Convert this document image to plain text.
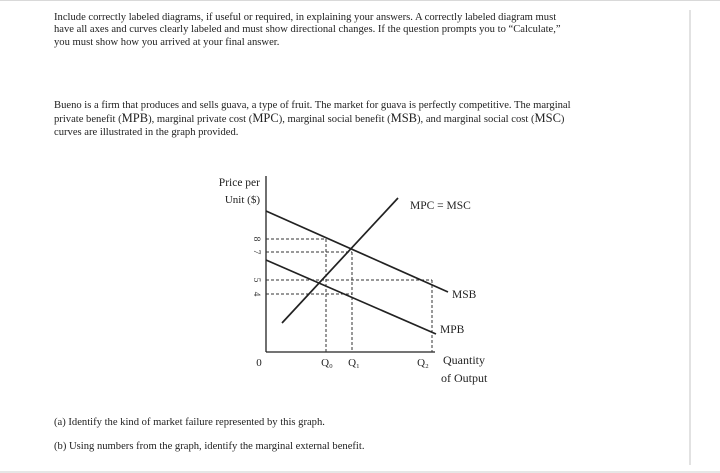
Include correctly labeled diagrams, if useful or required, in explaining your answers. A correctly labeled diagram must
have all axes and curves clearly labeled and must show directional changes. If the question prompts you to “Calculate,”
you must show how you arrived at your final answer.
Bueno is a firm that produces and sells guava, a type of fruit. The market for guava is perfectly competitive. The marginal
private benefit (MPB), marginal private cost (MPC), marginal social benefit (MSB), and marginal social cost (MSC)
curves are illustrated in the graph provided.
Price per
Unit ($)
8
7
5
4
0	Q₀ Q₁	Q₂ Quantity
of Output
MPC = MSC
MSB
MPB
(a) Identify the kind of market failure represented by this graph.
(b) Using numbers from the graph, identify the marginal external benefit.
